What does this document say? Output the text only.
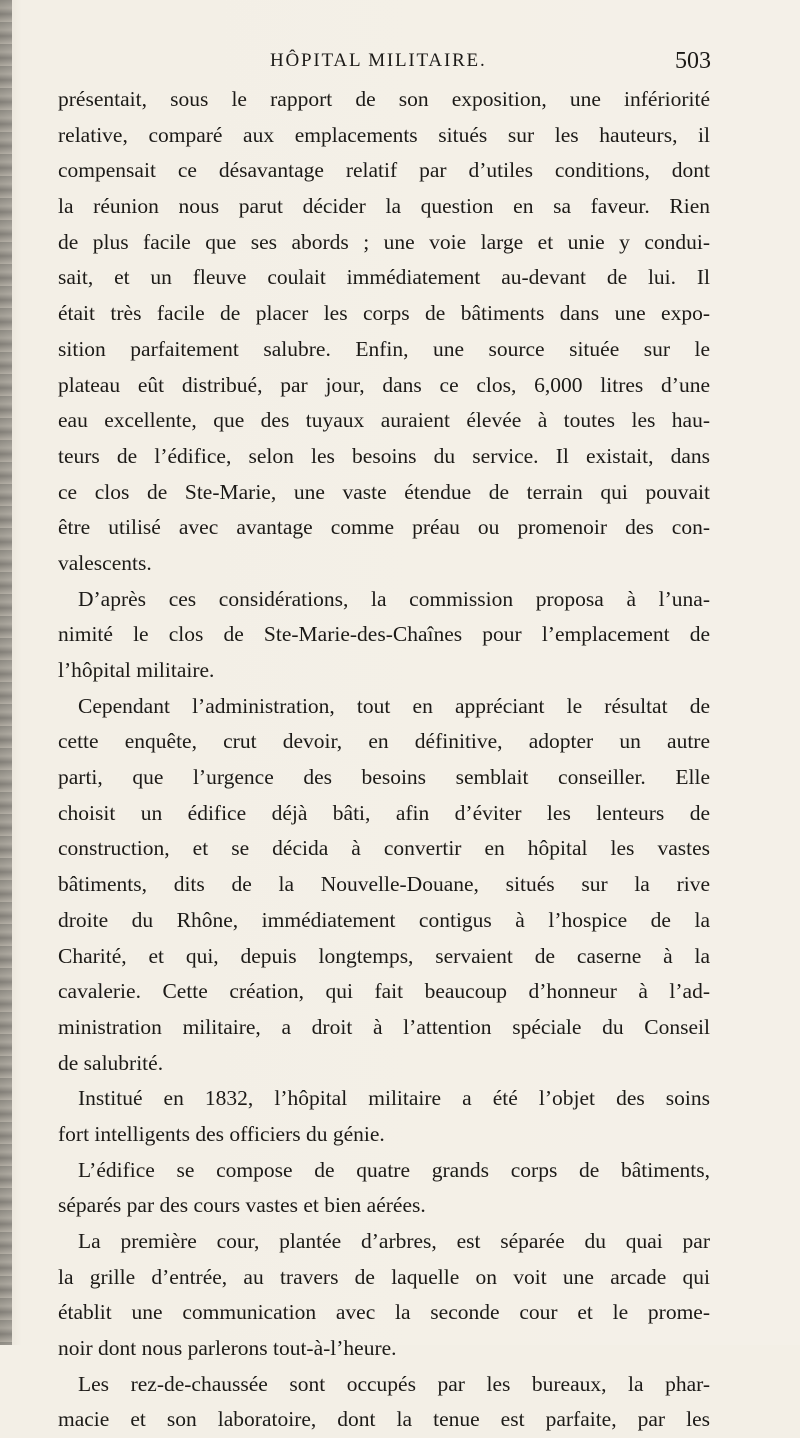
HÔPITAL MILITAIRE.	503
présentait, sous le rapport de son exposition, une infériorité
relative, comparé aux emplacements situés sur les hauteurs, il
compensait ce désavantage relatif par d’utiles conditions, dont
la réunion nous parut décider la question en sa faveur. Rien
de plus facile que ses abords ; une voie large et unie y condui-
sait, et un fleuve coulait immédiatement au-devant de lui. Il
était très facile de placer les corps de bâtiments dans une expo-
sition parfaitement salubre. Enfin, une source située sur le
plateau eût distribué, par jour, dans ce clos, 6,000 litres d’une
eau excellente, que des tuyaux auraient élevée à toutes les hau-
teurs de l’édifice, selon les besoins du service. Il existait, dans
ce clos de Ste-Marie, une vaste étendue de terrain qui pouvait
être utilisé avec avantage comme préau ou promenoir des con-
valescents.
D’après ces considérations, la commission proposa à l’una-
nimité le clos de Ste-Marie-des-Chaînes pour l’emplacement de
l’hôpital militaire.
Cependant l’administration, tout en appréciant le résultat de
cette enquête, crut devoir, en définitive, adopter un autre
parti, que l’urgence des besoins semblait conseiller. Elle
choisit un édifice déjà bâti, afin d’éviter les lenteurs de
construction, et se décida à convertir en hôpital les vastes
bâtiments, dits de la Nouvelle-Douane, situés sur la rive
droite du Rhône, immédiatement contigus à l’hospice de la
Charité, et qui, depuis longtemps, servaient de caserne à la
cavalerie. Cette création, qui fait beaucoup d’honneur à l’ad-
ministration militaire, a droit à l’attention spéciale du Conseil
de salubrité.
Institué en 1832, l’hôpital militaire a été l’objet des soins
fort intelligents des officiers du génie.
L’édifice se compose de quatre grands corps de bâtiments,
séparés par des cours vastes et bien aérées.
La première cour, plantée d’arbres, est séparée du quai par
la grille d’entrée, au travers de laquelle on voit une arcade qui
établit une communication avec la seconde cour et le prome-
noir dont nous parlerons tout-à-l’heure.
Les rez-de-chaussée sont occupés par les bureaux, la phar-
macie et son laboratoire, dont la tenue est parfaite, par les
